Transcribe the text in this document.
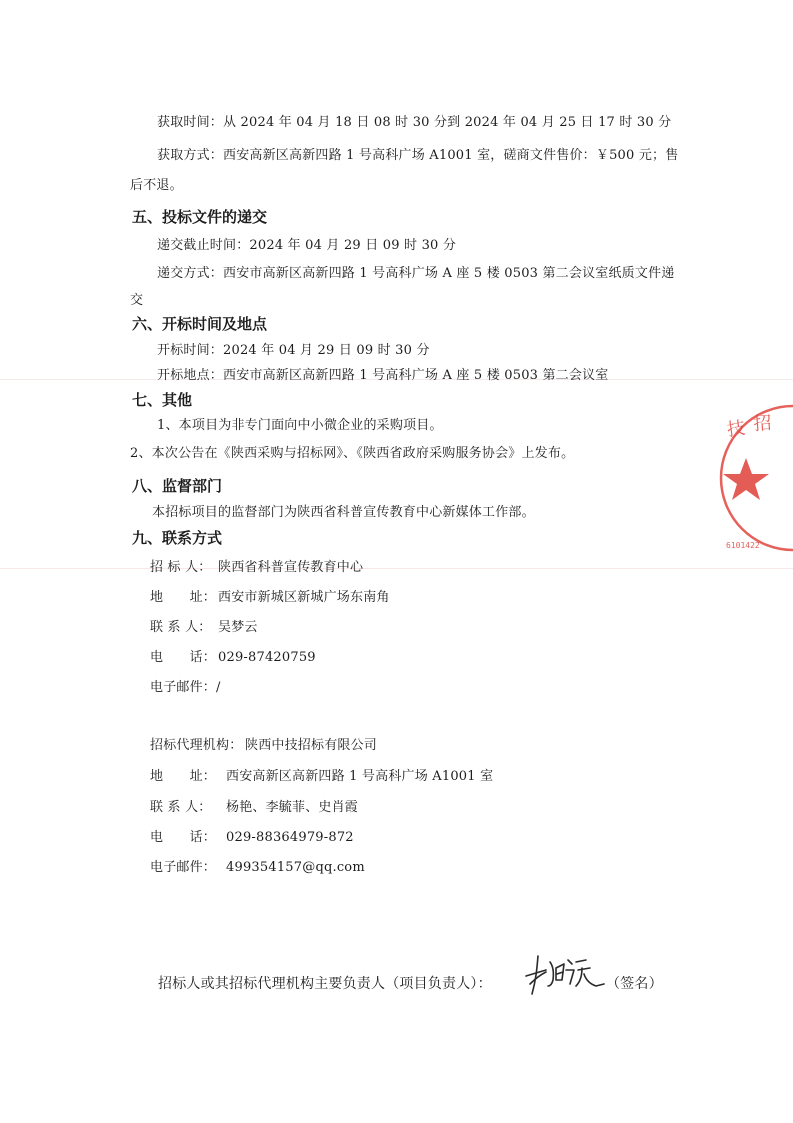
获取时间：从 2024 年 04 月 18 日 08 时 30 分到 2024 年 04 月 25 日 17 时 30 分
获取方式：西安高新区高新四路 1 号高科广场 A1001 室，磋商文件售价：￥500 元；售
后不退。
五、投标文件的递交
递交截止时间：2024 年 04 月 29 日 09 时 30 分
递交方式：西安市高新区高新四路 1 号高科广场 A 座 5 楼 0503 第二会议室纸质文件递
交
六、开标时间及地点
开标时间：2024 年 04 月 29 日 09 时 30 分
开标地点：西安市高新区高新四路 1 号高科广场 A 座 5 楼 0503 第二会议室
七、其他
1、本项目为非专门面向中小微企业的采购项目。
2、本次公告在《陕西采购与招标网》、《陕西省政府采购服务协会》上发布。
八、监督部门
本招标项目的监督部门为陕西省科普宣传教育中心新媒体工作部。
九、联系方式
招 标 人： 陕西省科普宣传教育中心
地　　址： 西安市新城区新城广场东南角
联 系 人： 吴梦云
电　　话： 029-87420759
电子邮件： /
招标代理机构： 陕西中技招标有限公司
地　　址： 西安高新区高新四路 1 号高科广场 A1001 室
联 系 人： 杨艳、李毓菲、史肖霞
电　　话： 029-88364979-872
电子邮件： 499354157@qq.com
招标人或其招标代理机构主要负责人（项目负责人）：	（签名）
技 招
6101422
